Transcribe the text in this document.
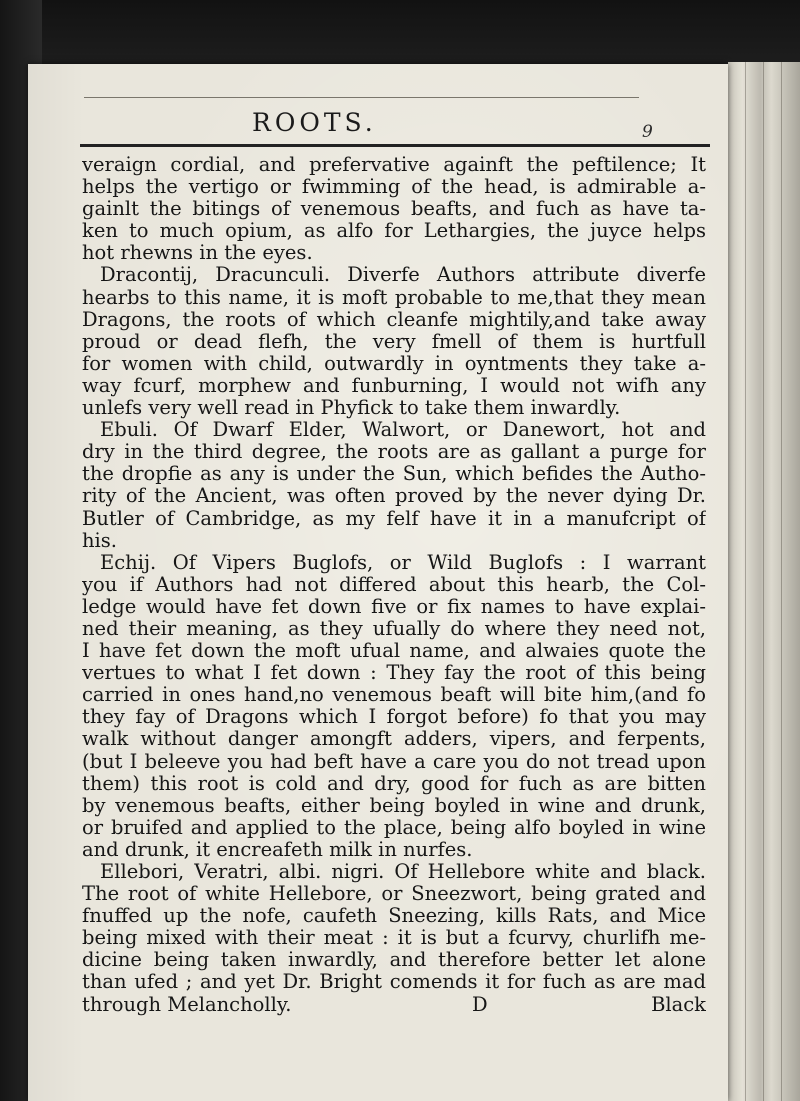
ROOTS.	9
veraign cordial, and prefervative againft the peftilence; It
helps the vertigo or fwimming of the head, is admirable a-
gainlt the bitings of venemous beafts, and fuch as have ta-
ken to much opium, as alfo for Lethargies, the juyce helps
hot rhewns in the eyes.
Dracontij, Dracunculi. Diverfe Authors attribute diverfe
hearbs to this name, it is moft probable to me,that they mean
Dragons, the roots of which cleanfe mightily,and take away
proud or dead flefh, the very fmell of them is hurtfull
for women with child, outwardly in oyntments they take a-
way fcurf, morphew and funburning, I would not wifh any
unlefs very well read in Phyfick to take them inwardly.
Ebuli. Of Dwarf Elder, Walwort, or Danewort, hot and
dry in the third degree, the roots are as gallant a purge for
the dropfie as any is under the Sun, which befides the Autho-
rity of the Ancient, was often proved by the never dying Dr.
Butler of Cambridge, as my felf have it in a manufcript of
his.
Echij. Of Vipers Buglofs, or Wild Buglofs : I warrant
you if Authors had not differed about this hearb, the Col-
ledge would have fet down five or fix names to have explai-
ned their meaning, as they ufually do where they need not,
I have fet down the moft ufual name, and alwaies quote the
vertues to what I fet down : They fay the root of this being
carried in ones hand,no venemous beaft will bite him,(and fo
they fay of Dragons which I forgot before) fo that you may
walk without danger amongft adders, vipers, and ferpents,
(but I beleeve you had beft have a care you do not tread upon
them) this root is cold and dry, good for fuch as are bitten
by venemous beafts, either being boyled in wine and drunk,
or bruifed and applied to the place, being alfo boyled in wine
and drunk, it encreafeth milk in nurfes.
Ellebori, Veratri, albi. nigri. Of Hellebore white and black.
The root of white Hellebore, or Sneezwort, being grated and
fnuffed up the nofe, caufeth Sneezing, kills Rats, and Mice
being mixed with their meat : it is but a fcurvy, churlifh me-
dicine being taken inwardly, and therefore better let alone
than ufed ; and yet Dr. Bright comends it for fuch as are mad
through Melancholly.	D	Black
